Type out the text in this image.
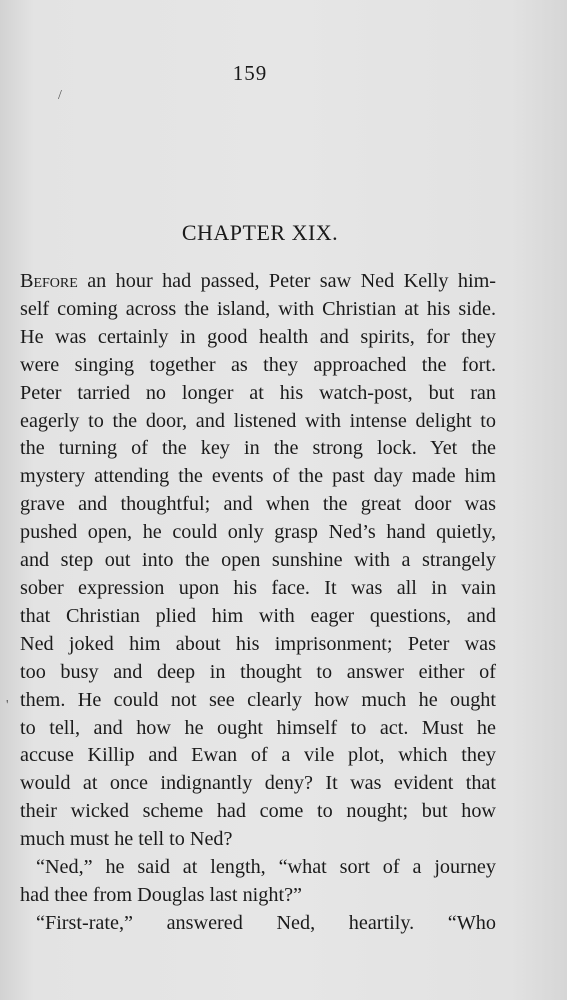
159
/
'
CHAPTER XIX.
Before an hour had passed, Peter saw Ned Kelly him-
self coming across the island, with Christian at his side.
He was certainly in good health and spirits, for they
were singing together as they approached the fort.
Peter tarried no longer at his watch-post, but ran
eagerly to the door, and listened with intense delight to
the turning of the key in the strong lock. Yet the
mystery attending the events of the past day made him
grave and thoughtful; and when the great door was
pushed open, he could only grasp Ned’s hand quietly,
and step out into the open sunshine with a strangely
sober expression upon his face. It was all in vain
that Christian plied him with eager questions, and
Ned joked him about his imprisonment; Peter was
too busy and deep in thought to answer either of
them. He could not see clearly how much he ought
to tell, and how he ought himself to act. Must he
accuse Killip and Ewan of a vile plot, which they
would at once indignantly deny? It was evident that
their wicked scheme had come to nought; but how
much must he tell to Ned?
“Ned,” he said at length, “what sort of a journey
had thee from Douglas last night?”
“First-rate,” answered Ned, heartily. “Who
